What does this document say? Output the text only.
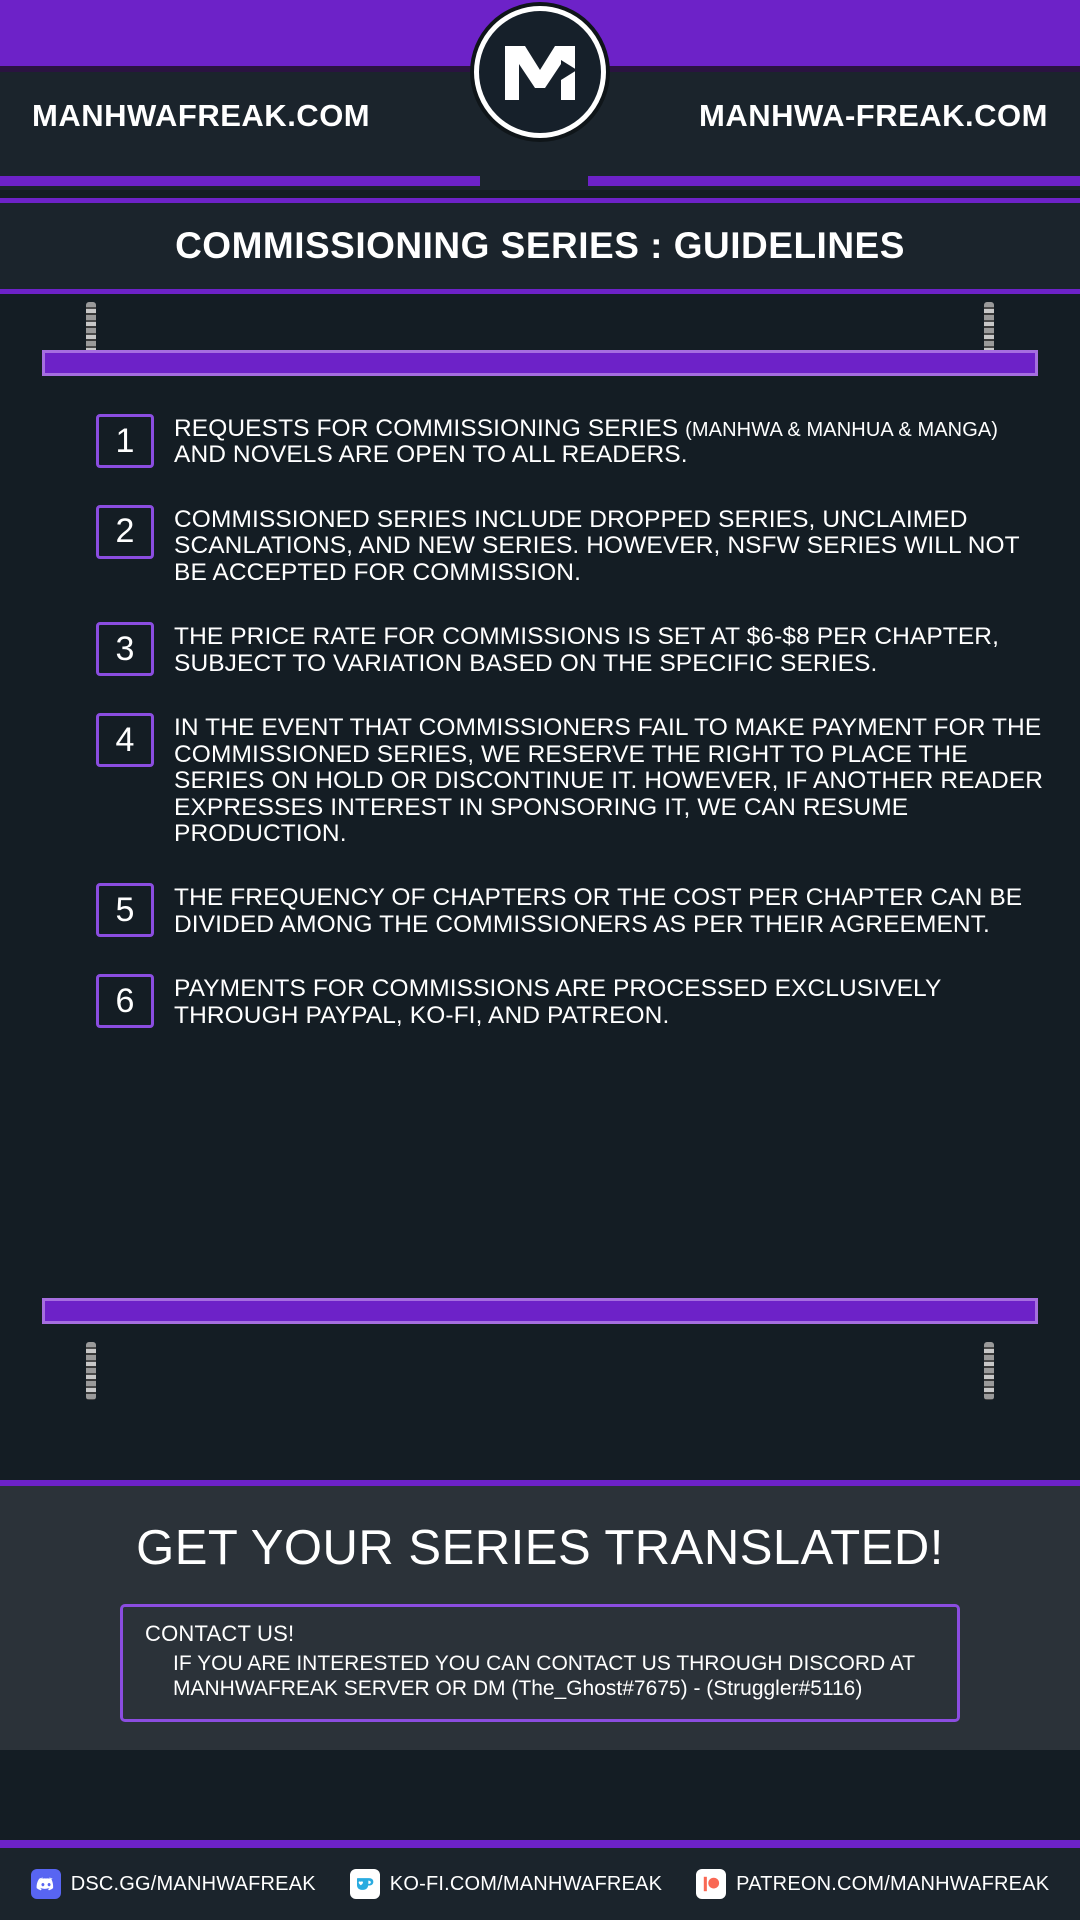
MANHWAFREAK.COM	MANHWA-FREAK.COM
COMMISSIONING SERIES : GUIDELINES
1	REQUESTS FOR COMMISSIONING SERIES (MANHWA & MANHUA & MANGA) AND NOVELS ARE OPEN TO ALL READERS.
2	COMMISSIONED SERIES INCLUDE DROPPED SERIES, UNCLAIMED SCANLATIONS, AND NEW SERIES. HOWEVER, NSFW SERIES WILL NOT BE ACCEPTED FOR COMMISSION.
3	THE PRICE RATE FOR COMMISSIONS IS SET AT $6-$8 PER CHAPTER, SUBJECT TO VARIATION BASED ON THE SPECIFIC SERIES.
4	IN THE EVENT THAT COMMISSIONERS FAIL TO MAKE PAYMENT FOR THE COMMISSIONED SERIES, WE RESERVE THE RIGHT TO PLACE THE SERIES ON HOLD OR DISCONTINUE IT. HOWEVER, IF ANOTHER READER EXPRESSES INTEREST IN SPONSORING IT, WE CAN RESUME PRODUCTION.
5	THE FREQUENCY OF CHAPTERS OR THE COST PER CHAPTER CAN BE DIVIDED AMONG THE COMMISSIONERS AS PER THEIR AGREEMENT.
6	PAYMENTS FOR COMMISSIONS ARE PROCESSED EXCLUSIVELY THROUGH PAYPAL, KO-FI, AND PATREON.
GET YOUR SERIES TRANSLATED!
CONTACT US!
IF YOU ARE INTERESTED YOU CAN CONTACT US THROUGH DISCORD AT MANHWAFREAK SERVER OR DM (The_Ghost#7675) - (Struggler#5116)
DSC.GG/MANHWAFREAK	KO-FI.COM/MANHWAFREAK	PATREON.COM/MANHWAFREAK
